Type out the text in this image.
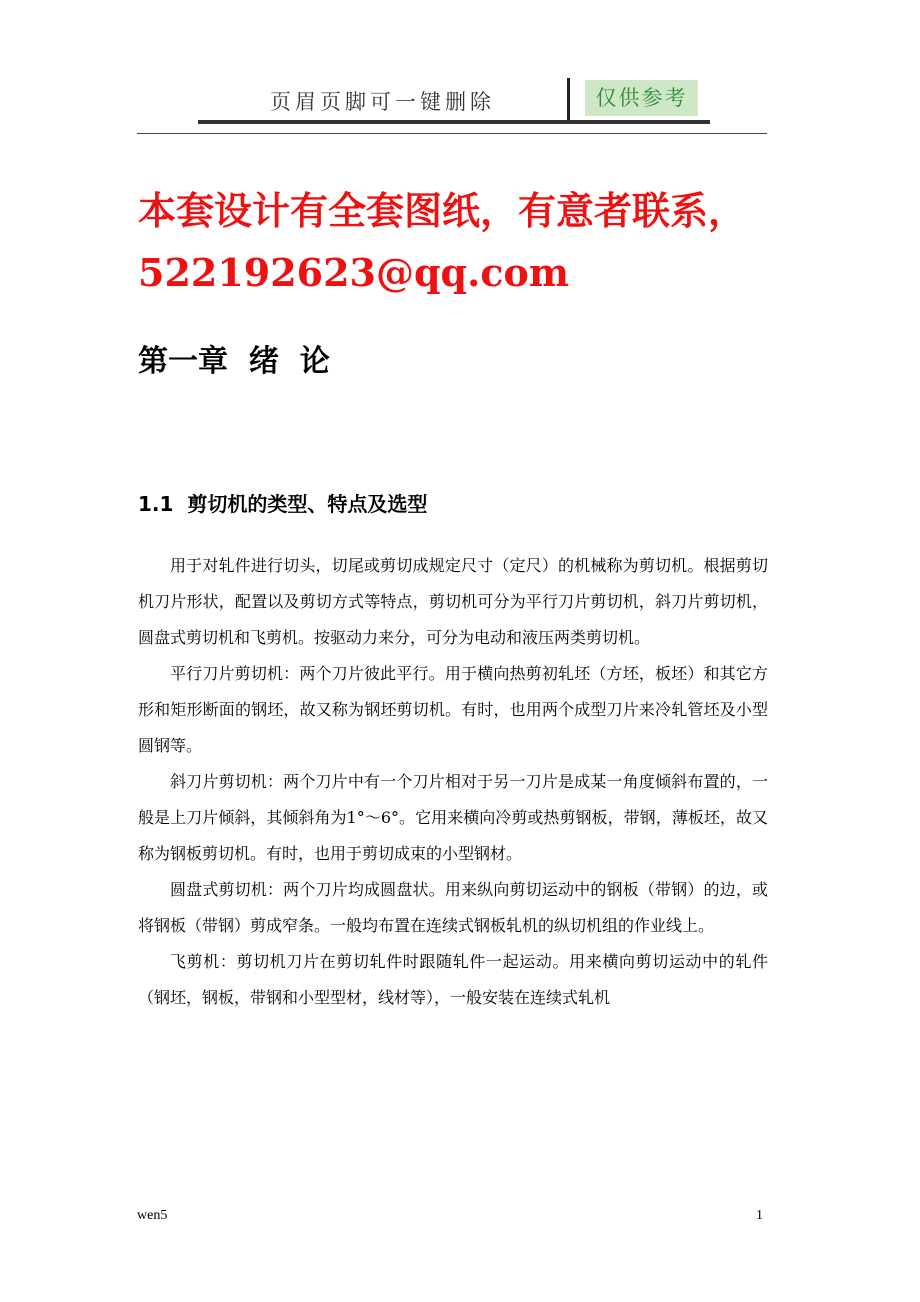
页眉页脚可一键删除	仅供参考
本套设计有全套图纸，有意者联系，
522192623@qq.com
第一章  绪  论
1.1  剪切机的类型、特点及选型

用于对轧件进行切头，切尾或剪切成规定尺寸（定尺）的机械称为剪切机。根据剪切机刀片形状，配置以及剪切方式等特点，剪切机可分为平行刀片剪切机，斜刀片剪切机，圆盘式剪切机和飞剪机。按驱动力来分，可分为电动和液压两类剪切机。

平行刀片剪切机：两个刀片彼此平行。用于横向热剪初轧坯（方坯，板坯）和其它方形和矩形断面的钢坯，故又称为钢坯剪切机。有时，也用两个成型刀片来冷轧管坯及小型圆钢等。

斜刀片剪切机：两个刀片中有一个刀片相对于另一刀片是成某一角度倾斜布置的，一般是上刀片倾斜，其倾斜角为1°～6°。它用来横向冷剪或热剪钢板，带钢，薄板坯，故又称为钢板剪切机。有时，也用于剪切成束的小型钢材。

圆盘式剪切机：两个刀片均成圆盘状。用来纵向剪切运动中的钢板（带钢）的边，或将钢板（带钢）剪成窄条。一般均布置在连续式钢板轧机的纵切机组的作业线上。

飞剪机：剪切机刀片在剪切轧件时跟随轧件一起运动。用来横向剪切运动中的轧件（钢坯，钢板，带钢和小型型材，线材等），一般安装在连续式轧机

wen5	1
